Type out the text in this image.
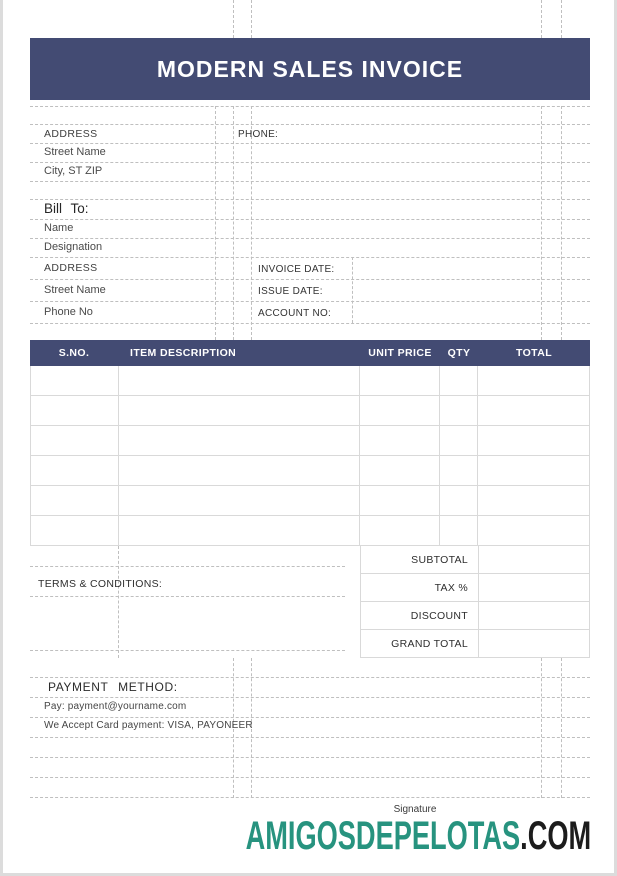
MODERN SALES INVOICE
ADDRESS
Street Name
City, ST ZIP
PHONE:
Bill To:
Name
Designation
ADDRESS
Street Name
Phone No
INVOICE DATE:
ISSUE DATE:
ACCOUNT NO:
S.NO.	ITEM DESCRIPTION	UNIT PRICE	QTY	TOTAL
SUBTOTAL
TAX %
DISCOUNT
GRAND TOTAL
TERMS & CONDITIONS:
PAYMENT METHOD:
Pay: payment@yourname.com
We Accept Card payment: VISA, PAYONEER
Signature
AMIGOSDEPELOTAS.COM
